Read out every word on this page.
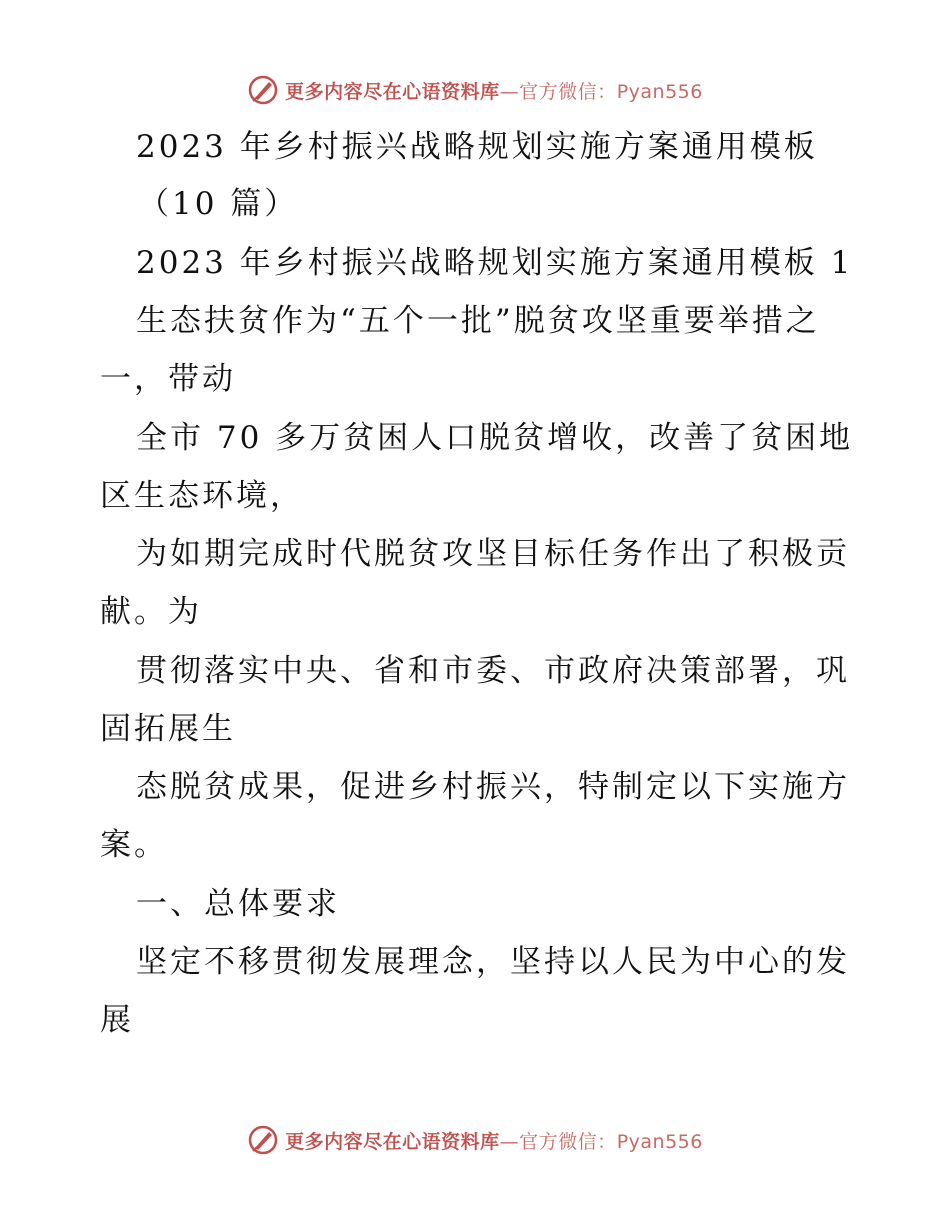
更多内容尽在心语资料库—官方微信：Pyan556
2023 年乡村振兴战略规划实施方案通用模板
（10 篇）
2023 年乡村振兴战略规划实施方案通用模板 1
生态扶贫作为“五个一批”脱贫攻坚重要举措之
一，带动
全市 70 多万贫困人口脱贫增收，改善了贫困地
区生态环境，
为如期完成时代脱贫攻坚目标任务作出了积极贡
献。为
贯彻落实中央、省和市委、市政府决策部署，巩
固拓展生
态脱贫成果，促进乡村振兴，特制定以下实施方
案。
一、总体要求
坚定不移贯彻发展理念，坚持以人民为中心的发
展
更多内容尽在心语资料库—官方微信：Pyan556
